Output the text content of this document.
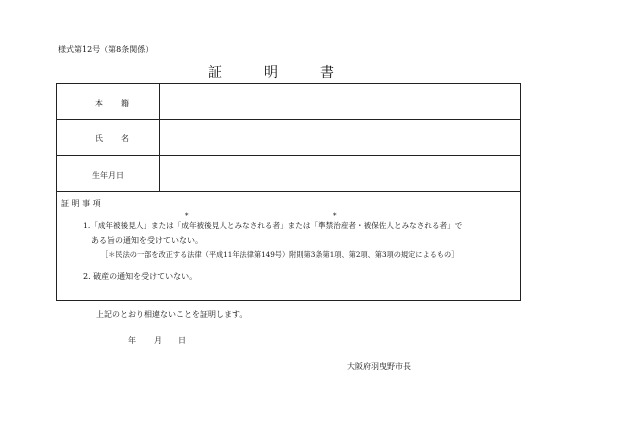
様式第12号（第8条関係）
証	明	書
本 籍
氏 名
生年月日
証 明 事 項
1.「成年被後見人」または「成年被後見人とみなされる者」または「準禁治産者・被保佐人とみなされる者」で
*	*
ある旨の通知を受けていない。
［＊民法の一部を改正する法律（平成11年法律第149号）附則第3条第1項、第2項、第3項の規定によるもの］
2. 破産の通知を受けていない。
上記のとおり相違ないことを証明します。
年 月 日
大阪府羽曳野市長
